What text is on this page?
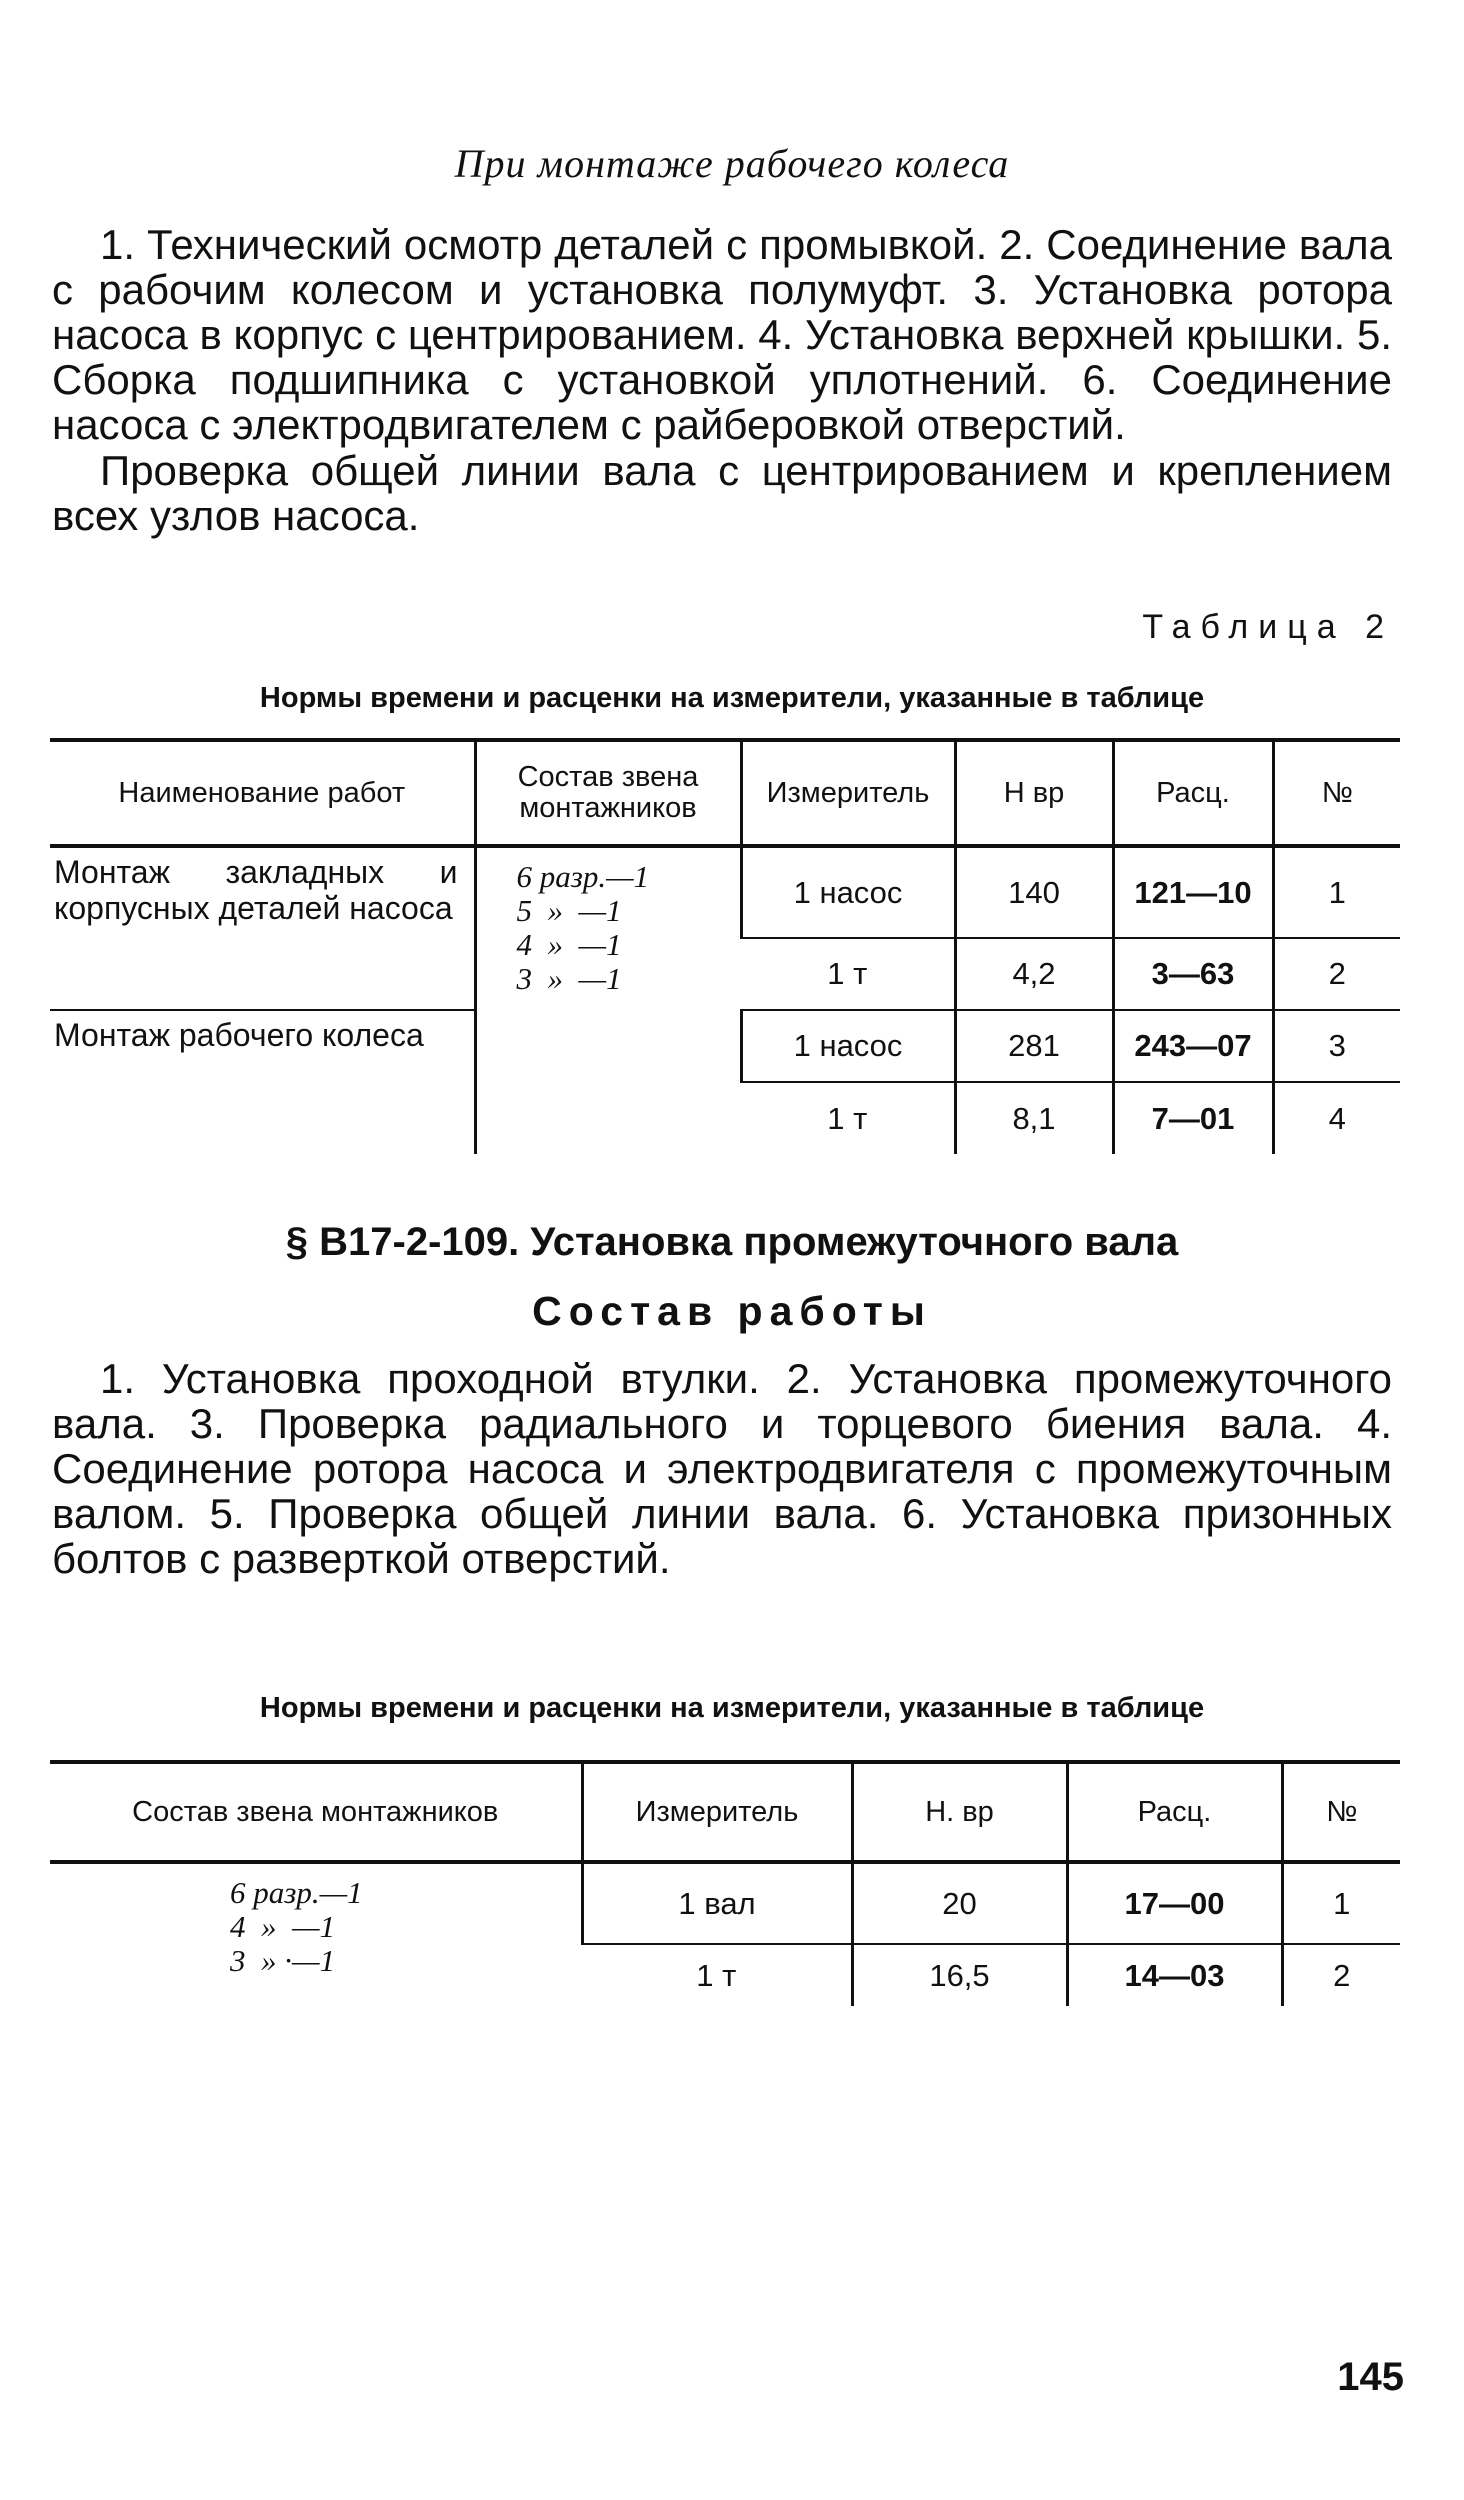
При монтаже рабочего колеса

1. Технический осмотр деталей с промывкой. 2. Соединение вала с рабочим колесом и установка полумуфт. 3. Установка ротора насоса в корпус с центрированием. 4. Установка верхней крышки. 5. Сборка подшипника с установкой уплотнений. 6. Соединение насоса с электродвигателем с райберовкой отверстий.

Проверка общей линии вала с центрированием и креплением всех узлов насоса.

Таблица 2
Нормы времени и расценки на измерители, указанные в таблице
Наименование работ	Состав звена монтажников	Измеритель	Н вр	Расц.	№
Монтаж закладных и корпусных деталей насоса	6 разр.—1
5  »  —1
4  »  —1
3  »  —1	1 насос	140	121—10	1
		1 т	4,2	3—63	2
Монтаж рабочего колеса		1 насос	281	243—07	3
		1 т	8,1	7—01	4
§ В17-2-109. Установка промежуточного вала
Состав работы

1. Установка проходной втулки. 2. Установка промежуточного вала. 3. Проверка радиального и торцевого биения вала. 4. Соединение ротора насоса и электродвигателя с промежуточным валом. 5. Проверка общей линии вала. 6. Установка призонных болтов с разверткой отверстий.

Нормы времени и расценки на измерители, указанные в таблице
Состав звена монтажников	Измеритель	Н. вр	Расц.	№

6 разр.—1
4  »  —1
3  » ·—1	1 вал	20	17—00	1
	1 т	16,5	14—03	2
145
